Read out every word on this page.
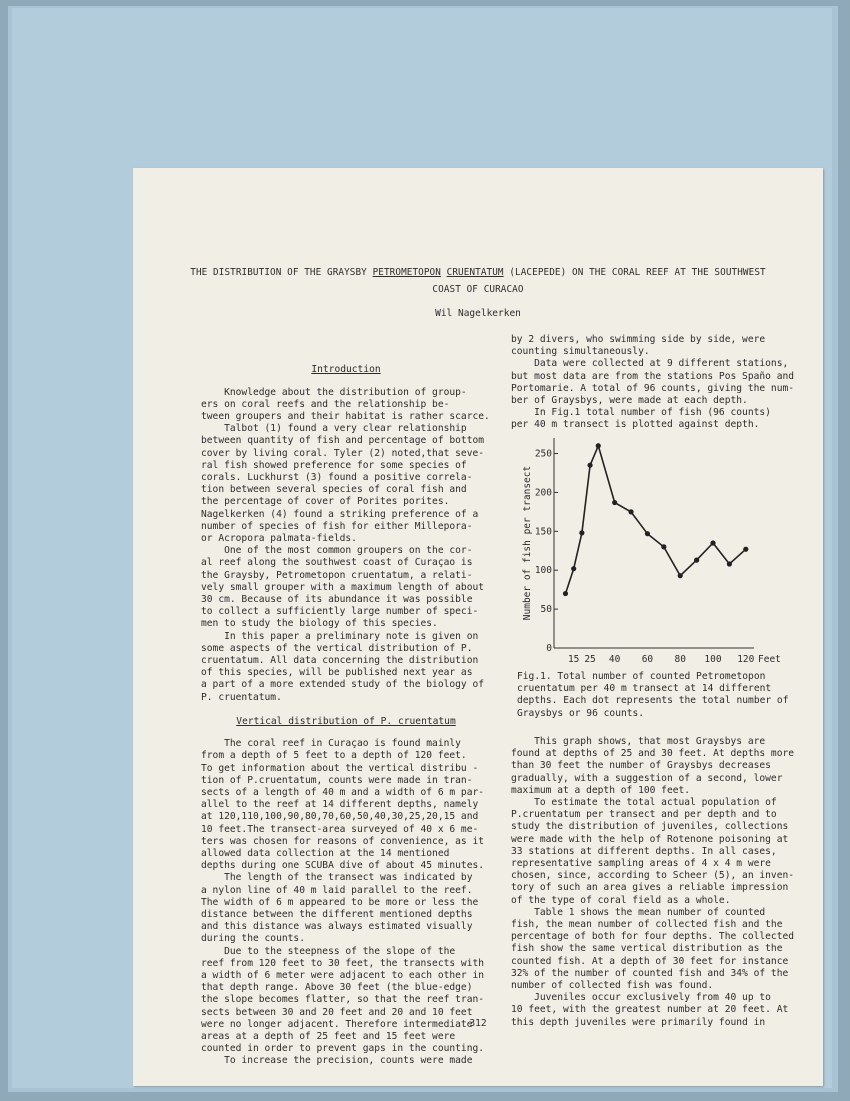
THE DISTRIBUTION OF THE GRAYSBY PETROMETOPON CRUENTATUM (LACEPEDE) ON THE CORAL REEF AT THE SOUTHWEST
COAST OF CURACAO
Wil Nagelkerken

Introduction
Knowledge about the distribution of group-
ers on coral reefs and the relationship be-
tween groupers and their habitat is rather scarce.
Talbot (1) found a very clear relationship
between quantity of fish and percentage of bottom
cover by living coral. Tyler (2) noted,that seve-
ral fish showed preference for some species of
corals. Luckhurst (3) found a positive correla-
tion between several species of coral fish and
the percentage of cover of Porites porites.
Nagelkerken (4) found a striking preference of a
number of species of fish for either Millepora-
or Acropora palmata-fields.
One of the most common groupers on the cor-
al reef along the southwest coast of Curaçao is
the Graysby, Petrometopon cruentatum, a relati-
vely small grouper with a maximum length of about
30 cm. Because of its abundance it was possible
to collect a sufficiently large number of speci-
men to study the biology of this species.
In this paper a preliminary note is given on
some aspects of the vertical distribution of P.
cruentatum. All data concerning the distribution
of this species, will be published next year as
a part of a more extended study of the biology of
P. cruentatum.

Vertical distribution of P. cruentatum
The coral reef in Curaçao is found mainly
from a depth of 5 feet to a depth of 120 feet.
To get information about the vertical distribu -
tion of P.cruentatum, counts were made in tran-
sects of a length of 40 m and a width of 6 m par-
allel to the reef at 14 different depths, namely
at 120,110,100,90,80,70,60,50,40,30,25,20,15 and
10 feet.The transect-area surveyed of 40 x 6 me-
ters was chosen for reasons of convenience, as it
allowed data collection at the 14 mentioned
depths during one SCUBA dive of about 45 minutes.
The length of the transect was indicated by
a nylon line of 40 m laid parallel to the reef.
The width of 6 m appeared to be more or less the
distance between the different mentioned depths
and this distance was always estimated visually
during the counts.
Due to the steepness of the slope of the
reef from 120 feet to 30 feet, the transects with
a width of 6 meter were adjacent to each other in
that depth range. Above 30 feet (the blue-edge)
the slope becomes flatter, so that the reef tran-
sects between 30 and 20 feet and 20 and 10 feet
were no longer adjacent. Therefore intermediate
areas at a depth of 25 feet and 15 feet were
counted in order to prevent gaps in the counting.
To increase the precision, counts were made

by 2 divers, who swimming side by side, were
counting simultaneously.
Data were collected at 9 different stations,
but most data are from the stations Pos Spaño and
Portomarie. A total of 96 counts, giving the num-
ber of Graysbys, were made at each depth.
In Fig.1 total number of fish (96 counts)
per 40 m transect is plotted against depth.
0
50
100
150
200
250
15 25 40 60 80 100 120 Feet
Number of fish per transect
Fig.1. Total number of counted Petrometopon
cruentatum per 40 m transect at 14 different
depths. Each dot represents the total number of
Graysbys or 96 counts.
This graph shows, that most Graysbys are
found at depths of 25 and 30 feet. At depths more
than 30 feet the number of Graysbys decreases
gradually, with a suggestion of a second, lower
maximum at a depth of 100 feet.
To estimate the total actual population of
P.cruentatum per transect and per depth and to
study the distribution of juveniles, collections
were made with the help of Rotenone poisoning at
33 stations at different depths. In all cases,
representative sampling areas of 4 x 4 m were
chosen, since, according to Scheer (5), an inven-
tory of such an area gives a reliable impression
of the type of coral field as a whole.
Table 1 shows the mean number of counted
fish, the mean number of collected fish and the
percentage of both for four depths. The collected
fish show the same vertical distribution as the
counted fish. At a depth of 30 feet for instance
32% of the number of counted fish and 34% of the
number of collected fish was found.
Juveniles occur exclusively from 40 up to
10 feet, with the greatest number at 20 feet. At
this depth juveniles were primarily found in
312
